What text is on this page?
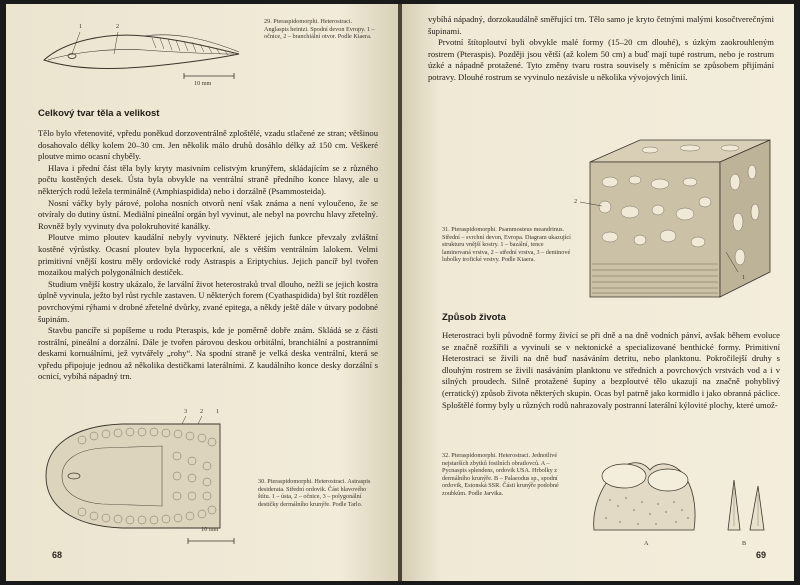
1	2
10 mm
29. Pteraspidomorphi. Heterostraci. Anglaspis heintzi. Spodní devon Evropy. 1 – očnice, 2 – branchiální otvor. Podle Kiaera.
Celkový tvar těla a velikost

Tělo bylo vřetenovité, vpředu poněkud dorzoventrálně zploštělé, vzadu stlačené ze stran; většinou dosahovalo délky kolem 20–30 cm. Jen několik málo druhů dosáhlo délky až 150 cm. Veškeré ploutve mimo ocasní chyběly.

Hlava i přední část těla byly kryty masivním celistvým krunýřem, skládajícím se z různého počtu kostěných desek. Ústa byla obvykle na ventrální straně předního konce hlavy, ale u některých rodů ležela terminálně (Amphiaspidida) nebo i dorzálně (Psammosteida).

Nosní váčky byly párové, poloha nosních otvorů není však známa a není vyloučeno, že se otvíraly do dutiny ústní. Mediální pineální orgán byl vyvinut, ale nebyl na povrchu hlavy zřetelný. Rovněž byly vyvinuty dva polokruhovité kanálky.

Ploutve mimo ploutev kaudální nebyly vyvinuty. Některé jejich funkce převzaly zvláštní kostěné výrůstky. Ocasní ploutev byla hypocerkní, ale s větším ventrálním lalokem. Velmi primitivní vnější kostru měly ordovické rody Astraspis a Eriptychius. Jejich pancíř byl tvořen mozaikou malých polygonálních destiček.

Studium vnější kostry ukázalo, že larvální život heterostraků trval dlouho, nežli se jejich kostra úplně vyvinula, ježto byl růst rychle zastaven. U některých forem (Cyathaspidida) byl štít rozdělen povrchovými rýhami v drobné zřetelné dvůrky, zvané epitega, a někdy ještě dále v útvary podobné šupinám.

Stavbu pancíře si popíšeme u rodu Pteraspis, kde je poměrně dobře znám. Skládá se z části rostrální, pineální a dorzální. Dále je tvořen párovou deskou orbitální, branchiální a postranními deskami kornuálními, jež vytvářely „rohy“. Na spodní straně je velká deska ventrální, která se vpředu připojuje jednou až několika destičkami laterálními. Z kaudálního konce desky dorzální s ocnicí, vybíhá nápadný trn.

3 2 1
10 mm
30. Pteraspidomorphi. Heterostraci. Astraspis desiderata. Střední ordovik. Část hlavového štítu. 1 – ústa, 2 – očnice, 3 – polygonální destičky dermálního krunýře. Podle Tarlo.
68

vybíhá nápadný, dorzokaudálně směřující trn. Tělo samo je kryto četnými malými kosočtverečnými šupinami.

Prvotní štítoploutví byli obvykle malé formy (15–20 cm dlouhé), s úzkým zaokrouhleným rostrem (Pteraspis). Později jsou větší (až kolem 50 cm) a buď mají tupé rostrum, nebo je rostrum úzké a nápadně protažené. Tyto změny tvaru rostra souvisely s měnícím se způsobem přijímání potravy. Dlouhé rostrum se vyvinulo nezávisle u několika vývojových linií.

2
1
31. Pteraspidomorphi. Psammosteus meandrinus. Střední – svrchní devon, Evropa. Diagram ukazující strukturu vnější kostry. 1 – bazální, tence laminovaná vrstva, 2 – střední vrstva, 3 – dentinové lubolky trofické vrstvy. Podle Kiaera.
Způsob života

Heterostraci byli původně formy živící se při dně a na dně vodních pánví, avšak během evoluce se značně rozšířili a vyvinuli se v nektonické a specializované benthické formy. Primitivní Heterostraci se živili na dně buď nasáváním detritu, nebo planktonu. Pokročilejší druhy s dlouhým rostrem se živili nasáváním planktonu ve středních a povrchových vrstvách vod a i v silných proudech. Silně protažené šupiny a bezploutvé tělo ukazují na značně pohyblivý (erratický) způsob života některých skupin. Ocas byl patrně jako kormidlo i jako obranná páclice. Sploštělé formy byly u různých rodů nahrazovaly postranní laterální kýlovité plochy, které umož-

32. Pteraspidomorphi. Heterostraci. Jednotlivé nejstarších zbytků fosilních obratlovců. A – Pycnaspis splendens, ordovik USA. Hrbolky z dermálního krunýře. B – Palaeodus sp., spodní ordovik, Estonská SSR. Části krunýře podobné zoubkům. Podle Jarvika.
A	B
69
